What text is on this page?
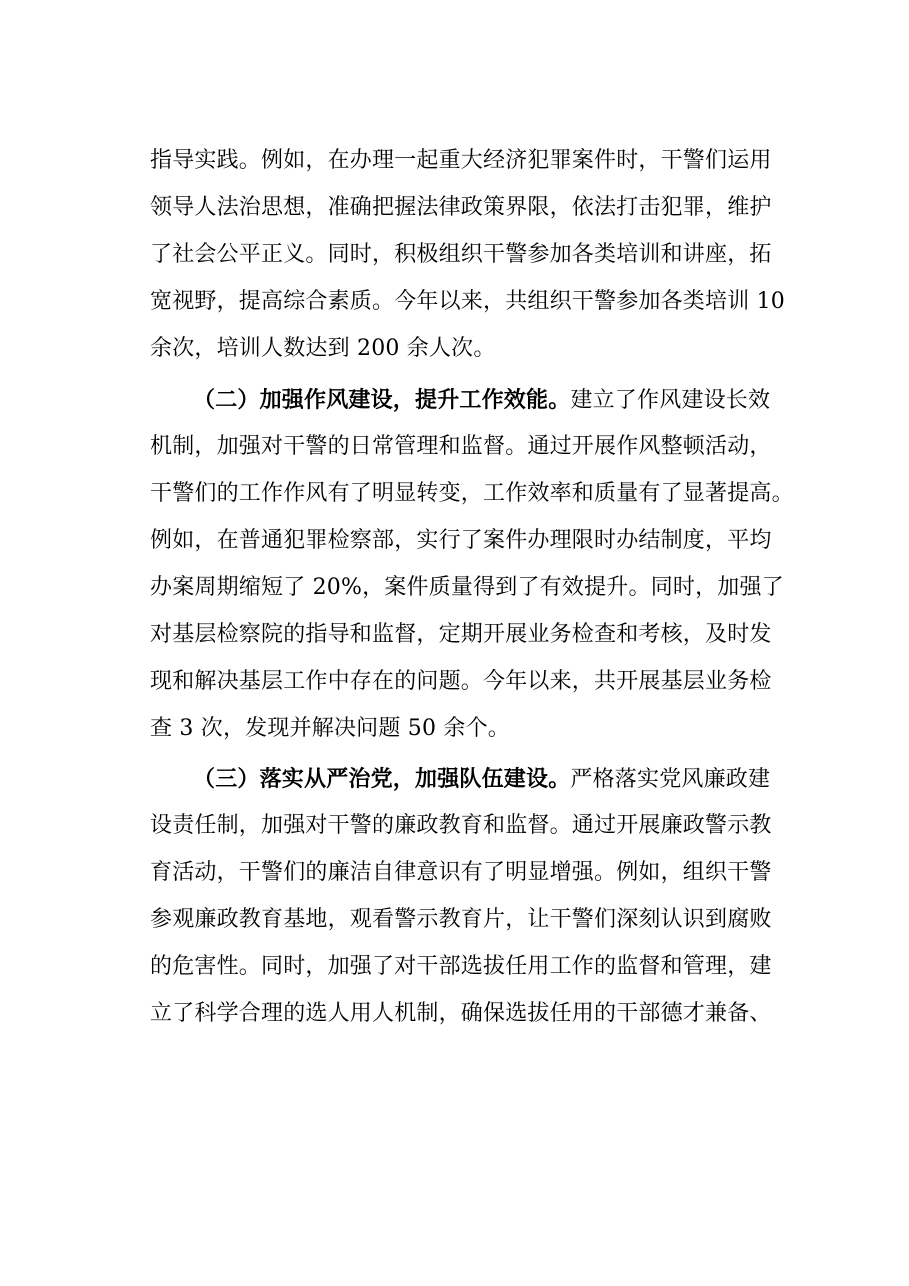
指导实践。例如，在办理一起重大经济犯罪案件时，干警们运用
领导人法治思想，准确把握法律政策界限，依法打击犯罪，维护
了社会公平正义。同时，积极组织干警参加各类培训和讲座，拓
宽视野，提高综合素质。今年以来，共组织干警参加各类培训 10
余次，培训人数达到 200 余人次。
（二）加强作风建设，提升工作效能。建立了作风建设长效
机制，加强对干警的日常管理和监督。通过开展作风整顿活动，
干警们的工作作风有了明显转变，工作效率和质量有了显著提高。
例如，在普通犯罪检察部，实行了案件办理限时办结制度，平均
办案周期缩短了 20%，案件质量得到了有效提升。同时，加强了
对基层检察院的指导和监督，定期开展业务检查和考核，及时发
现和解决基层工作中存在的问题。今年以来，共开展基层业务检
查 3 次，发现并解决问题 50 余个。
（三）落实从严治党，加强队伍建设。严格落实党风廉政建
设责任制，加强对干警的廉政教育和监督。通过开展廉政警示教
育活动，干警们的廉洁自律意识有了明显增强。例如，组织干警
参观廉政教育基地，观看警示教育片，让干警们深刻认识到腐败
的危害性。同时，加强了对干部选拔任用工作的监督和管理，建
立了科学合理的选人用人机制，确保选拔任用的干部德才兼备、
